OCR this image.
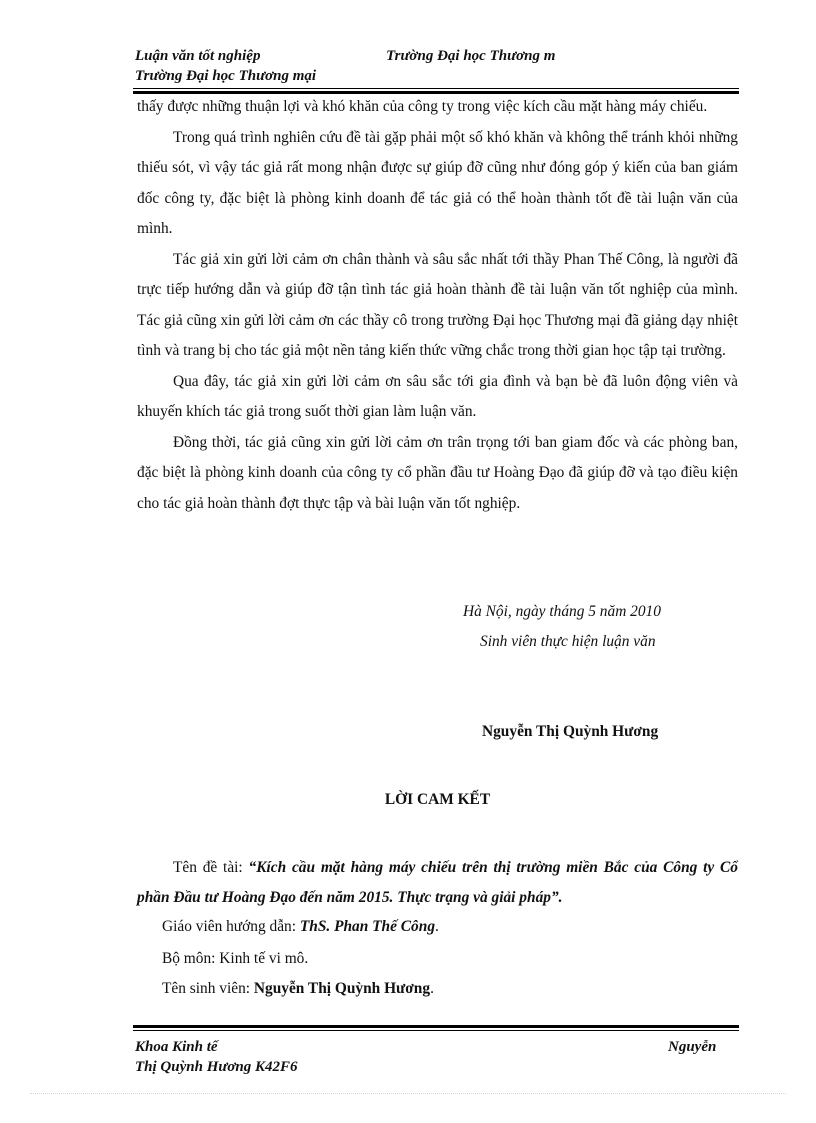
Luận văn tốt nghiệp	Trường Đại học Thương m
Trường Đại học Thương mại

thấy được những thuận lợi và khó khăn của công ty trong việc kích cầu mặt hàng máy chiếu.

Trong quá trình nghiên cứu đề tài gặp phải một số khó khăn và không thể tránh khỏi những thiếu sót, vì vậy tác giả rất mong nhận được sự giúp đỡ cũng như đóng góp ý kiến của ban giám đốc công ty, đặc biệt là phòng kinh doanh để tác giả có thể hoàn thành tốt đề tài luận văn của mình.

Tác giả xin gửi lời cảm ơn chân thành và sâu sắc nhất tới thầy Phan Thế Công, là người đã trực tiếp hướng dẫn và giúp đỡ tận tình tác giả hoàn thành đề tài luận văn tốt nghiệp của mình. Tác giả cũng xin gửi lời cảm ơn các thầy cô trong trường Đại học Thương mại đã giảng dạy nhiệt tình và trang bị cho tác giả một nền tảng kiến thức vững chắc trong thời gian học tập tại trường.

Qua đây, tác giả xin gửi lời cảm ơn sâu sắc tới gia đình và bạn bè đã luôn động viên và khuyến khích tác giả trong suốt thời gian làm luận văn.

Đồng thời, tác giả cũng xin gửi lời cảm ơn trân trọng tới ban giam đốc và các phòng ban, đặc biệt là phòng kinh doanh của công ty cổ phần đầu tư Hoàng Đạo đã giúp đỡ và tạo điều kiện cho tác giả hoàn thành đợt thực tập và bài luận văn tốt nghiệp.

Hà Nội, ngày tháng 5 năm 2010
Sinh viên thực hiện luận văn
Nguyễn Thị Quỳnh Hương
LỜI CAM KẾT
Tên đề tài: “Kích cầu mặt hàng máy chiếu trên thị trường miền Bắc của Công ty Cổ phần Đầu tư Hoàng Đạo đến năm 2015. Thực trạng và giải pháp”.
Giáo viên hướng dẫn: ThS. Phan Thế Công.
Bộ môn: Kinh tế vi mô.
Tên sinh viên: Nguyễn Thị Quỳnh Hương.
Khoa Kinh tế	Nguyễn
Thị Quỳnh Hương K42F6
